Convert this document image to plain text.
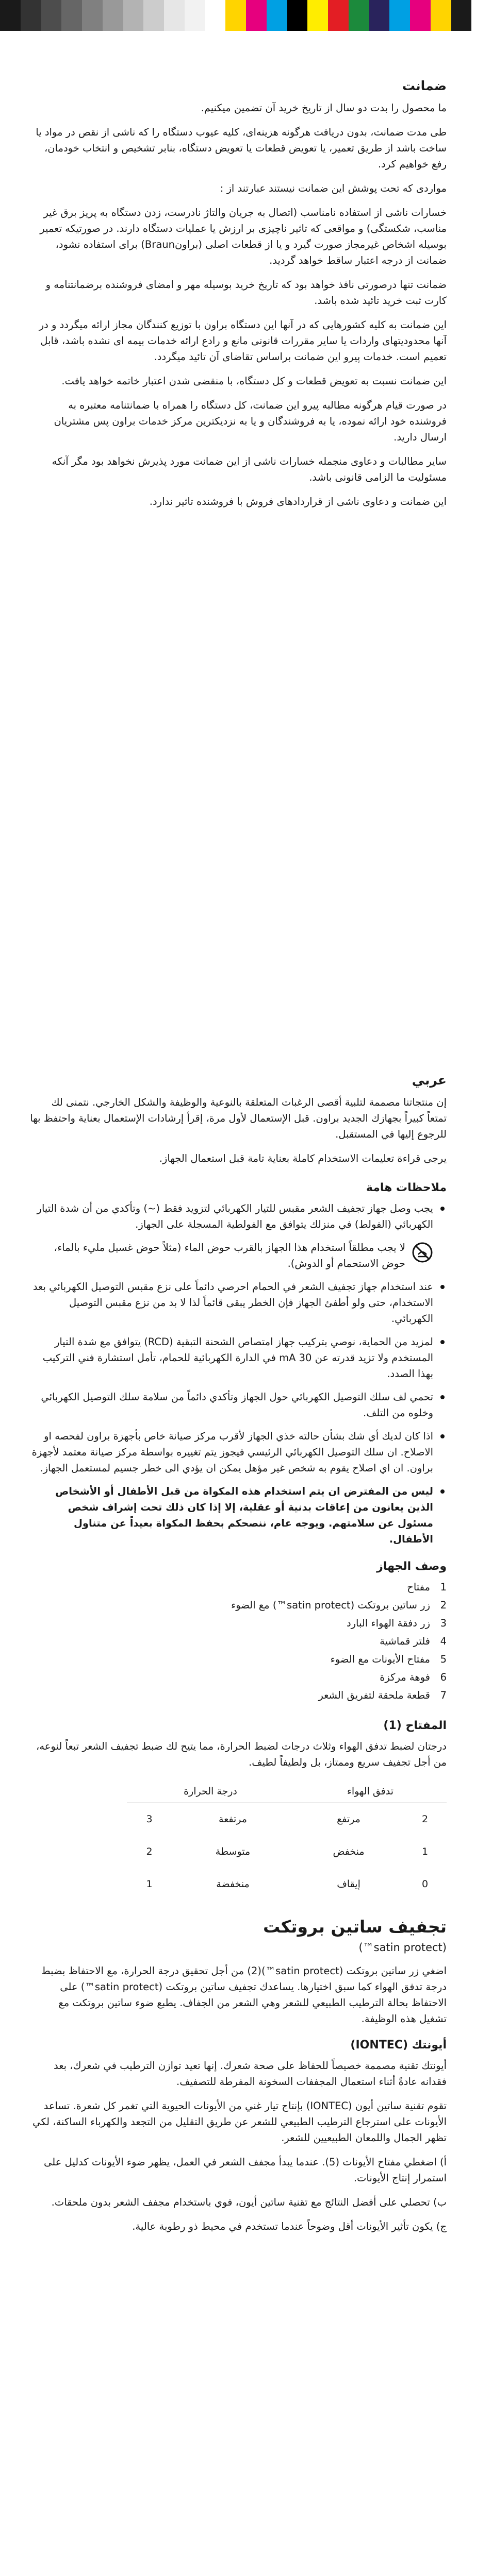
ضمانت

ما محصول را بدت دو سال از تاریخ خرید آن تضمین میکنیم.

طی مدت ضمانت، بدون دریافت هرگونه هزینه‌ای، کلیه عیوب دستگاه را که ناشی از نقص در مواد یا ساخت باشد از طریق تعمیر، یا تعویض قطعات یا تعویض دستگاه، بنابر تشخیص و انتخاب خودمان، رفع خواهیم کرد.

مواردی که تحت پوشش این ضمانت نیستند عبارتند از :

خسارات ناشی از استفاده نامناسب (اتصال به جریان والتاژ نادرست، زدن دستگاه به پریز برق غیر مناسب، شکستگی) و مواقعی که تاثیر ناچیزی بر ارزش یا عملیات دستگاه دارند. در صورتیکه تعمیر بوسیله اشخاص غیرمجاز صورت گیرد و یا از قطعات اصلی (براونBraun) برای استفاده نشود، ضمانت از درجه اعتبار ساقط خواهد گردید.

ضمانت تنها درصورتی نافذ خواهد بود که تاریخ خرید بوسیله مهر و امضای فروشنده برضمانتنامه و کارت ثبت خرید تائید شده باشد.

این ضمانت به کلیه کشورهایی که در آنها این دستگاه براون با توزیع کنندگان مجاز ارائه میگردد و در آنها محدودیتهای واردات یا سایر مقررات قانونی مانع و رادع ارائه خدمات بیمه ای نشده باشد، قابل تعمیم است. خدمات پیرو این ضمانت براساس تقاضای آن تائید میگردد.

این ضمانت نسبت به تعویض قطعات و کل دستگاه، با منقضی شدن اعتبار خاتمه خواهد یافت.

در صورت قیام هرگونه مطالبه پیرو این ضمانت، کل دستگاه را همراه با ضمانتنامه معتبره به فروشنده خود ارائه نموده، یا به فروشندگان و یا به نزدیکترین مرکز خدمات براون پس مشتریان ارسال دارید.

سایر مطالبات و دعاوی منجمله خسارات ناشی از این ضمانت مورد پذیرش نخواهد بود مگر آنکه مسئولیت ما الزامی قانونی باشد.

این ضمانت و دعاوی ناشی از قراردادهای فروش با فروشنده تاثیر ندارد.

عربي

إن منتجاتنا مصممة لتلبية أقصى الرغبات المتعلقة بالنوعية والوظيفة والشكل الخارجي. نتمنى لك تمتعاً كبيراً بجهازك الجديد براون. قبل الإستعمال لأول مرة، إقرأ إرشادات الإستعمال بعناية واحتفظ بها للرجوع إليها في المستقبل.

يرجى قراءة تعليمات الاستخدام كاملة بعناية تامة قبل استعمال الجهاز.

ملاحظات هامة
يجب وصل جهاز تجفيف الشعر مقبس للتيار الكهربائي لتزويد فقط (~) وتأكدي من أن شدة التيار الكهربائي (الفولط) في منزلك يتوافق مع الفولطية المسجلة على الجهاز.
لا يجب مطلقاً استخدام هذا الجهاز بالقرب حوض الماء (مثلاً حوض غسيل مليء بالماء، حوض الاستحمام أو الدوش).
عند استخدام جهاز تجفيف الشعر في الحمام احرصي دائماً على نزع مقبس التوصيل الكهربائي بعد الاستخدام، حتى ولو أطفئ الجهاز فإن الخطر يبقى قائماً لذا لا بد من نزع مقبس التوصيل الكهربائي.
لمزيد من الحماية، نوصي بتركيب جهاز امتصاص الشحنة التبقية (RCD) يتوافق مع شدة التيار المستخدم ولا تزيد قدرته عن 30 mA في الدارة الكهربائية للحمام، تأمل استشارة فني التركيب بهذا الصدد.
تحمي لف سلك التوصيل الكهربائي حول الجهاز وتأكدي دائماً من سلامة سلك التوصيل الكهربائي وخلوه من التلف.
اذا كان لديك أي شك بشأن حالته خذي الجهاز لأقرب مركز صيانة خاص بأجهزة براون لفحصه او الاصلاح. ان سلك التوصيل الكهربائي الرئيسي فيجوز يتم تغييره بواسطة مركز صيانة معتمد لأجهزة براون. ان اي اصلاح يقوم به شخص غير مؤهل يمكن ان يؤدي الى خطر جسيم لمستعمل الجهاز.
ليس من المفترض ان يتم استخدام هذه المكواة من قبل الأطفال أو الأشخاص الذين يعانون من إعاقات بدنية أو عقلية، إلا إذا كان ذلك تحت إشراف شخص مسئول عن سلامتهم. ويوجه عام، ننصحكم بحفظ المكواة بعيداً عن متناول الأطفال.
وصف الجهاز
1
مفتاح
2
زر ساتين بروتكت (satin protect™) مع الضوء
3
زر دفقة الهواء البارد
4
فلتر قماشية
5
مفتاح الأيونات مع الضوء
6
فوهة مركزة
7
قطعة ملحقة لتفريق الشعر
المفتاح (1)

درجتان لضبط تدفق الهواء وثلاث درجات لضبط الحرارة، مما يتيح لك ضبط تجفيف الشعر تبعاً لنوعه، من أجل تجفيف سريع وممتاز، بل ولطيفاً لطيف.

تدفق الهواء		درجة الحرارة	
2	مرتفع	مرتفعة	3
1	منخفض	متوسطة	2
0	إيقاف	منخفضة	1
تجفيف ساتين بروتكت
(satin protect™)

اضغي زر ساتين بروتكت (satin protect™)(2) من أجل تحقيق درجة الحرارة، مع الاحتفاظ بضبط درجة تدفق الهواء كما سبق اختيارها. يساعدك تجفيف ساتين بروتكت (satin protect™) على الاحتفاظ بحالة الترطيب الطبيعي للشعر وهي الشعر من الجفاف. يطبع ضوء ساتين بروتكت مع تشغيل هذه الوظيفة.

أيونتك (IONTEC)

أيونتك تقنية مصممة خصيصاً للحفاظ على صحة شعرك. إنها تعيد توازن الترطيب في شعرك، بعد فقدانه عادةً أثناء استعمال المجففات السخونة المفرطة للتصفيف.

تقوم تقنية ساتين أيون (IONTEC) بإنتاج تيار غني من الأيونات الحيوية التي تغمر كل شعرة. تساعد الأيونات على استرجاع الترطيب الطبيعي للشعر عن طريق التقليل من التجعد والكهرباء الساكنة، لكي تظهر الجمال واللمعان الطبيعيين للشعر.

أ) اضغطي مفتاح الأيونات (5). عندما يبدأ مجفف الشعر في العمل، يظهر ضوء الأيونات كدليل على استمرار إنتاج الأيونات.

ب) تحصلي على أفضل النتائج مع تقنية ساتين أيون، فوي باستخدام مجفف الشعر بدون ملحقات.

ج) يكون تأثير الأيونات أقل وضوحاً عندما تستخدم في محيط ذو رطوبة عالية.
